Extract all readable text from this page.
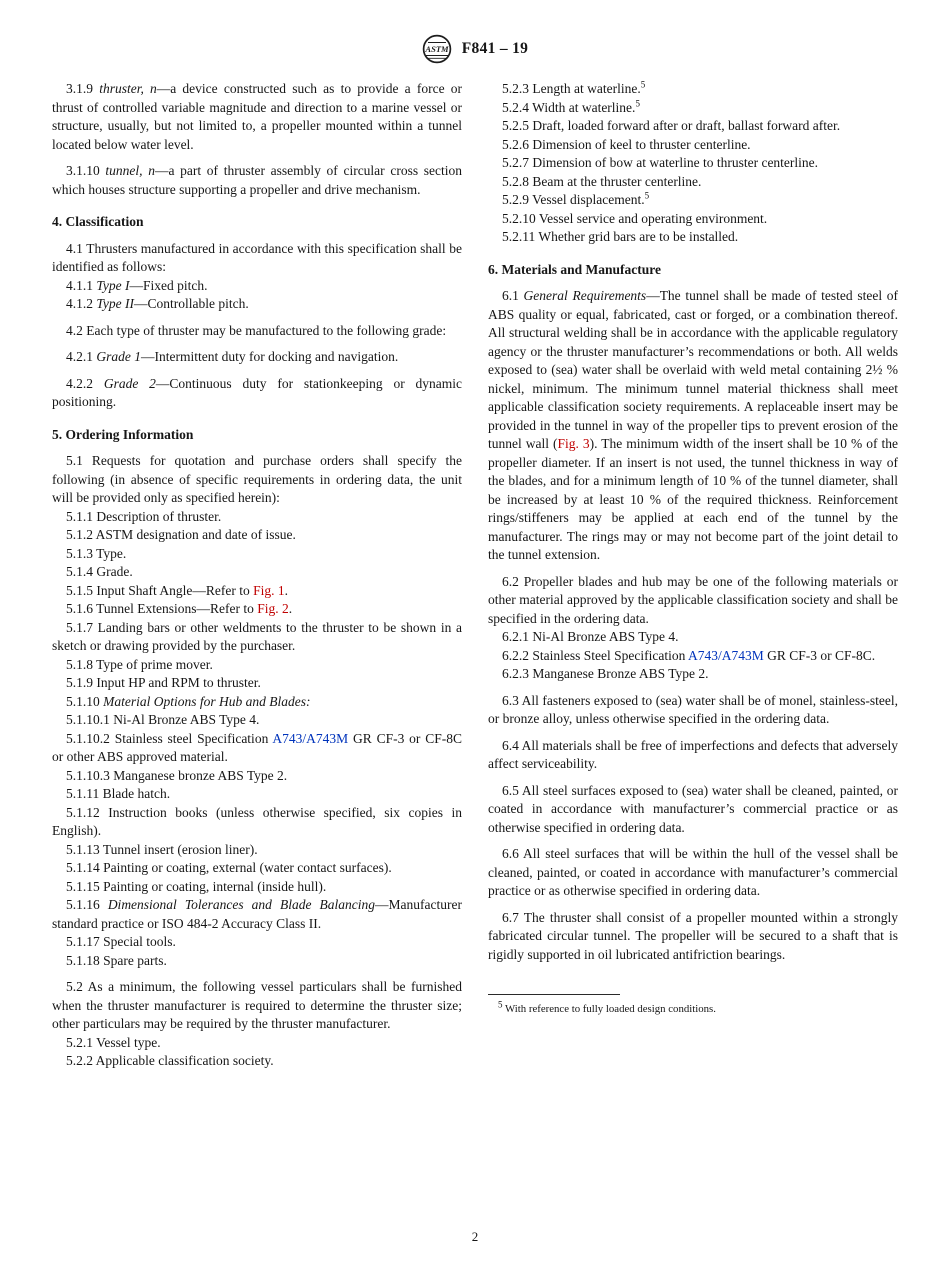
ASTM F841 – 19

3.1.9 thruster, n—a device constructed such as to provide a force or thrust of controlled variable magnitude and direction to a marine vessel or structure, usually, but not limited to, a propeller mounted within a tunnel located below water level.

3.1.10 tunnel, n—a part of thruster assembly of circular cross section which houses structure supporting a propeller and drive mechanism.

4. Classification

4.1 Thrusters manufactured in accordance with this specification shall be identified as follows:

4.1.1 Type I—Fixed pitch.

4.1.2 Type II—Controllable pitch.

4.2 Each type of thruster may be manufactured to the following grade:

4.2.1 Grade 1—Intermittent duty for docking and navigation.

4.2.2 Grade 2—Continuous duty for stationkeeping or dynamic positioning.

5. Ordering Information

5.1 Requests for quotation and purchase orders shall specify the following (in absence of specific requirements in ordering data, the unit will be provided only as specified herein):

5.1.1 Description of thruster.

5.1.2 ASTM designation and date of issue.

5.1.3 Type.

5.1.4 Grade.

5.1.5 Input Shaft Angle—Refer to Fig. 1.

5.1.6 Tunnel Extensions—Refer to Fig. 2.

5.1.7 Landing bars or other weldments to the thruster to be shown in a sketch or drawing provided by the purchaser.

5.1.8 Type of prime mover.

5.1.9 Input HP and RPM to thruster.

5.1.10 Material Options for Hub and Blades:

5.1.10.1 Ni-Al Bronze ABS Type 4.

5.1.10.2 Stainless steel Specification A743/A743M GR CF-3 or CF-8C or other ABS approved material.

5.1.10.3 Manganese bronze ABS Type 2.

5.1.11 Blade hatch.

5.1.12 Instruction books (unless otherwise specified, six copies in English).

5.1.13 Tunnel insert (erosion liner).

5.1.14 Painting or coating, external (water contact surfaces).

5.1.15 Painting or coating, internal (inside hull).

5.1.16 Dimensional Tolerances and Blade Balancing—Manufacturer standard practice or ISO 484-2 Accuracy Class II.

5.1.17 Special tools.

5.1.18 Spare parts.

5.2 As a minimum, the following vessel particulars shall be furnished when the thruster manufacturer is required to determine the thruster size; other particulars may be required by the thruster manufacturer.

5.2.1 Vessel type.

5.2.2 Applicable classification society.

5.2.3 Length at waterline.$^5$

5.2.4 Width at waterline.$^5$

5.2.5 Draft, loaded forward after or draft, ballast forward after.

5.2.6 Dimension of keel to thruster centerline.

5.2.7 Dimension of bow at waterline to thruster centerline.

5.2.8 Beam at the thruster centerline.

5.2.9 Vessel displacement.$^5$

5.2.10 Vessel service and operating environment.

5.2.11 Whether grid bars are to be installed.

6. Materials and Manufacture

6.1 General Requirements—The tunnel shall be made of tested steel of ABS quality or equal, fabricated, cast or forged, or a combination thereof. All structural welding shall be in accordance with the applicable regulatory agency or the thruster manufacturer’s recommendations or both. All welds exposed to (sea) water shall be overlaid with weld metal containing 2½ % nickel, minimum. The minimum tunnel material thickness shall meet applicable classification society requirements. A replaceable insert may be provided in the tunnel in way of the propeller tips to prevent erosion of the tunnel wall (Fig. 3). The minimum width of the insert shall be 10 % of the propeller diameter. If an insert is not used, the tunnel thickness in way of the blades, and for a minimum length of 10 % of the tunnel diameter, shall be increased by at least 10 % of the required thickness. Reinforcement rings/stiffeners may be applied at each end of the tunnel by the manufacturer. The rings may or may not become part of the joint detail to the tunnel extension.

6.2 Propeller blades and hub may be one of the following materials or other material approved by the applicable classification society and shall be specified in the ordering data.

6.2.1 Ni-Al Bronze ABS Type 4.

6.2.2 Stainless Steel Specification A743/A743M GR CF-3 or CF-8C.

6.2.3 Manganese Bronze ABS Type 2.

6.3 All fasteners exposed to (sea) water shall be of monel, stainless-steel, or bronze alloy, unless otherwise specified in the ordering data.

6.4 All materials shall be free of imperfections and defects that adversely affect serviceability.

6.5 All steel surfaces exposed to (sea) water shall be cleaned, painted, or coated in accordance with manufacturer’s commercial practice or as otherwise specified in ordering data.

6.6 All steel surfaces that will be within the hull of the vessel shall be cleaned, painted, or coated in accordance with manufacturer’s commercial practice or as otherwise specified in ordering data.

6.7 The thruster shall consist of a propeller mounted within a strongly fabricated circular tunnel. The propeller will be secured to a shaft that is rigidly supported in oil lubricated antifriction bearings.

$^5$ With reference to fully loaded design conditions.

2
